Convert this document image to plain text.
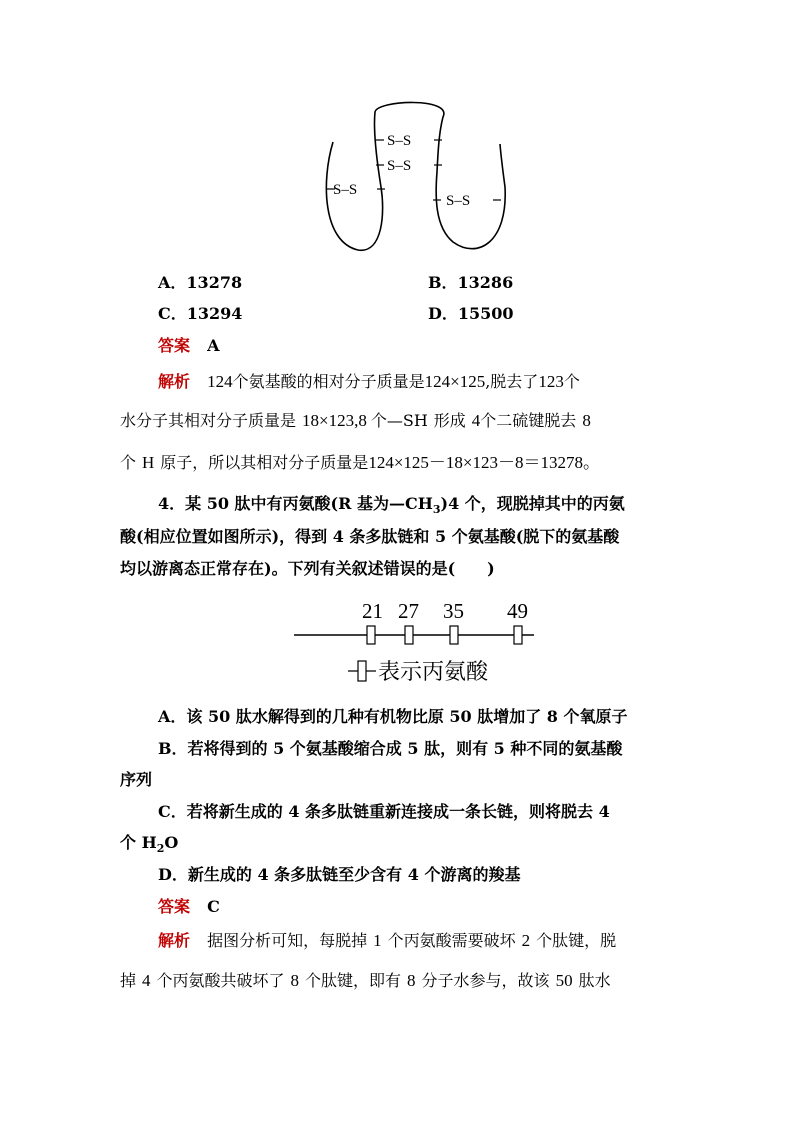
S–S
S–S
S–S
S–S
A．13278	B．13286
C．13294	D．15500
答案 A
解析 124个氨基酸的相对分子质量是124×125,脱去了123个
水分子其相对分子质量是 18×123,8 个—SH 形成 4个二硫键脱去 8
个 H 原子，所以其相对分子质量是124×125－18×123－8＝13278。
4．某 50 肽中有丙氨酸(R 基为$—CH_3)4$ 个，现脱掉其中的丙氨
酸(相应位置如图所示)，得到 4 条多肽链和 5 个氨基酸(脱下的氨基酸
均以游离态正常存在)。下列有关叙述错误的是(　　)
21 27 35 49
表示丙氨酸
A．该 50 肽水解得到的几种有机物比原 50 肽增加了 8 个氧原子
B．若将得到的 5 个氨基酸缩合成 5 肽，则有 5 种不同的氨基酸
序列
C．若将新生成的 4 条多肽链重新连接成一条长链，则将脱去 4
个 $H_2O$
D．新生成的 4 条多肽链至少含有 4 个游离的羧基
答案 C
解析 据图分析可知，每脱掉 1 个丙氨酸需要破坏 2 个肽键，脱
掉 4 个丙氨酸共破坏了 8 个肽键，即有 8 分子水参与，故该 50 肽水
